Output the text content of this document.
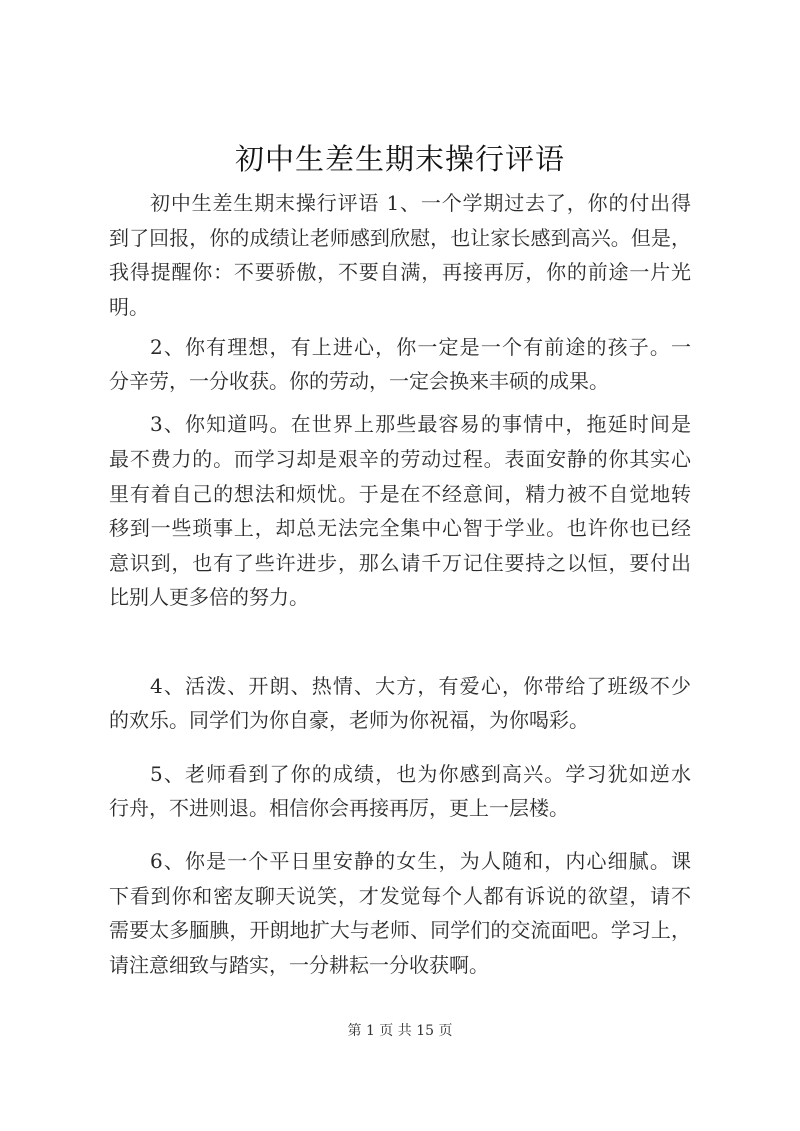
初中生差生期末操行评语
初中生差生期末操行评语 1、一个学期过去了，你的付出得
到了回报，你的成绩让老师感到欣慰，也让家长感到高兴。但是，
我得提醒你：不要骄傲，不要自满，再接再厉，你的前途一片光
明。
2、你有理想，有上进心，你一定是一个有前途的孩子。一
分辛劳，一分收获。你的劳动，一定会换来丰硕的成果。
3、你知道吗。在世界上那些最容易的事情中，拖延时间是
最不费力的。而学习却是艰辛的劳动过程。表面安静的你其实心
里有着自己的想法和烦忧。于是在不经意间，精力被不自觉地转
移到一些琐事上，却总无法完全集中心智于学业。也许你也已经
意识到，也有了些许进步，那么请千万记住要持之以恒，要付出
比别人更多倍的努力。
4、活泼、开朗、热情、大方，有爱心，你带给了班级不少
的欢乐。同学们为你自豪，老师为你祝福，为你喝彩。
5、老师看到了你的成绩，也为你感到高兴。学习犹如逆水
行舟，不进则退。相信你会再接再厉，更上一层楼。
6、你是一个平日里安静的女生，为人随和，内心细腻。课
下看到你和密友聊天说笑，才发觉每个人都有诉说的欲望，请不
需要太多腼腆，开朗地扩大与老师、同学们的交流面吧。学习上，
请注意细致与踏实，一分耕耘一分收获啊。
第 1 页 共 15 页
